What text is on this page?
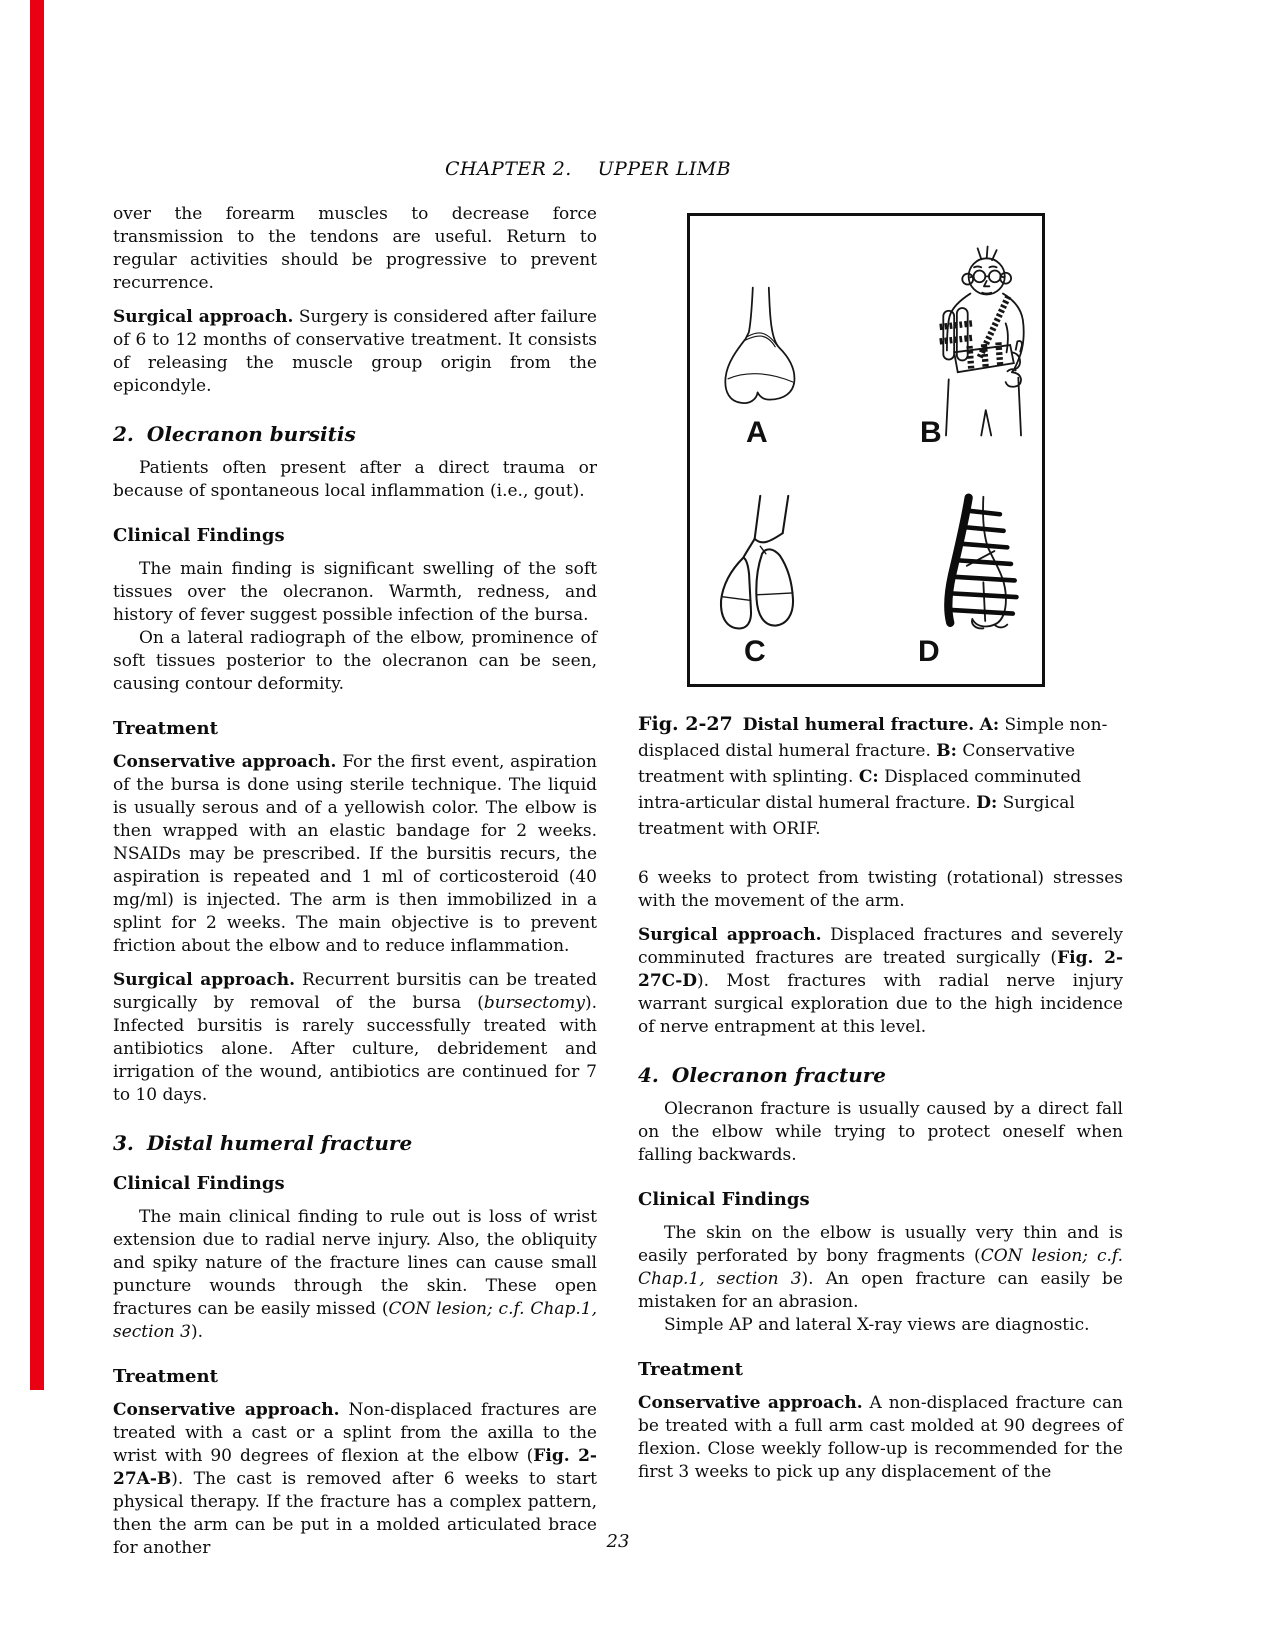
CHAPTER 2. UPPER LIMB
A	B
C	D

over the forearm muscles to decrease force transmission to the tendons are useful. Return to regular activities should be progressive to prevent recurrence.

Surgical approach. Surgery is considered after failure of 6 to 12 months of conservative treatment. It consists of releasing the muscle group origin from the epicondyle.

2. Olecranon bursitis

Patients often present after a direct trauma or because of spontaneous local inflammation (i.e., gout).

Clinical Findings

The main finding is significant swelling of the soft tissues over the olecranon. Warmth, redness, and history of fever suggest possible infection of the bursa.

On a lateral radiograph of the elbow, prominence of soft tissues posterior to the olecranon can be seen, causing contour deformity.

Treatment

Conservative approach. For the first event, aspiration of the bursa is done using sterile technique. The liquid is usually serous and of a yellowish color. The elbow is then wrapped with an elastic bandage for 2 weeks. NSAIDs may be prescribed. If the bursitis recurs, the aspiration is repeated and 1 ml of corticosteroid (40 mg/ml) is injected. The arm is then immobilized in a splint for 2 weeks. The main objective is to prevent friction about the elbow and to reduce inflammation.

Surgical approach. Recurrent bursitis can be treated surgically by removal of the bursa (bursectomy). Infected bursitis is rarely successfully treated with antibiotics alone. After culture, debridement and irrigation of the wound, antibiotics are continued for 7 to 10 days.

3. Distal humeral fracture
Clinical Findings

The main clinical finding to rule out is loss of wrist extension due to radial nerve injury. Also, the obliquity and spiky nature of the fracture lines can cause small puncture wounds through the skin. These open fractures can be easily missed (CON lesion; c.f. Chap.1, section 3).

Treatment

Conservative approach. Non-displaced fractures are treated with a cast or a splint from the axilla to the wrist with 90 degrees of flexion at the elbow (Fig. 2-27A-B). The cast is removed after 6 weeks to start physical therapy. If the fracture has a complex pattern, then the arm can be put in a molded articulated brace for another

Fig. 2-27 Distal humeral fracture. A: Simple non-displaced distal humeral fracture. B: Conservative treatment with splinting. C: Displaced comminuted intra-articular distal humeral fracture. D: Surgical treatment with ORIF.

6 weeks to protect from twisting (rotational) stresses with the movement of the arm.

Surgical approach. Displaced fractures and severely comminuted fractures are treated surgically (Fig. 2-27C-D). Most fractures with radial nerve injury warrant surgical exploration due to the high incidence of nerve entrapment at this level.

4. Olecranon fracture

Olecranon fracture is usually caused by a direct fall on the elbow while trying to protect oneself when falling backwards.

Clinical Findings

The skin on the elbow is usually very thin and is easily perforated by bony fragments (CON lesion; c.f. Chap.1, section 3). An open fracture can easily be mistaken for an abrasion.

Simple AP and lateral X-ray views are diagnostic.

Treatment

Conservative approach. A non-displaced fracture can be treated with a full arm cast molded at 90 degrees of flexion. Close weekly follow-up is recommended for the first 3 weeks to pick up any displacement of the

23
